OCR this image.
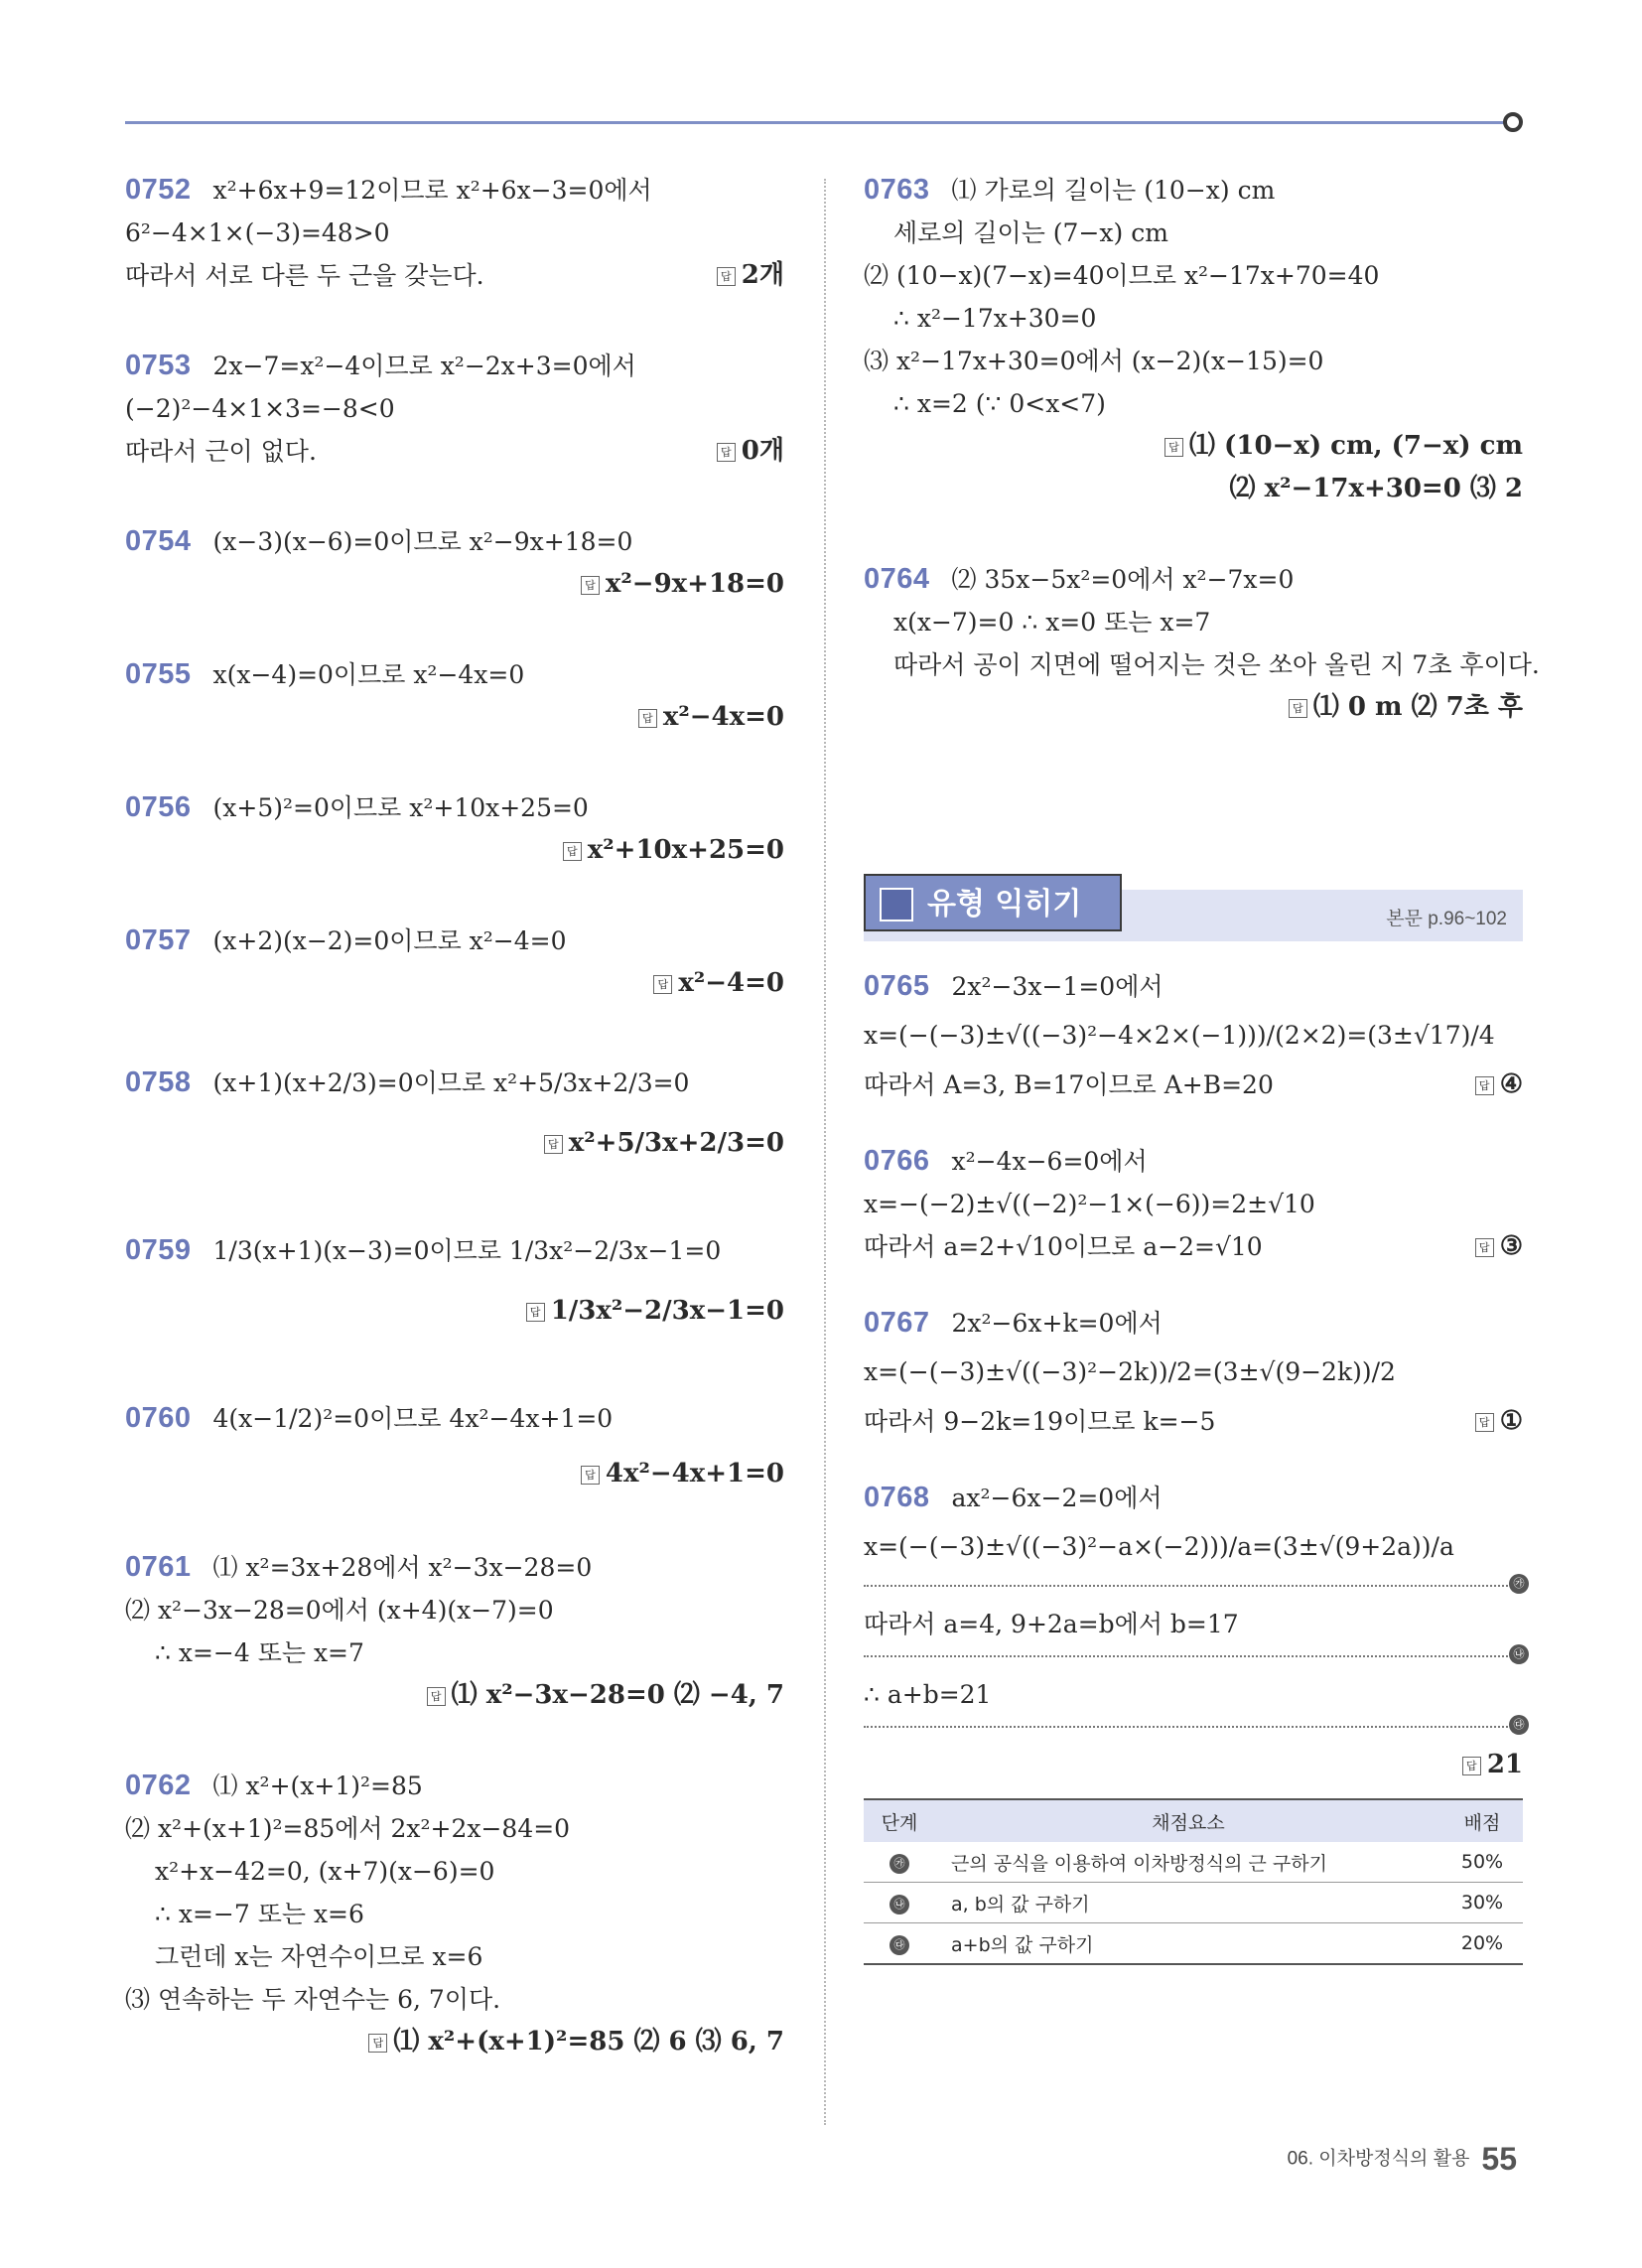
0752 x²+6x+9=12이므로 x²+6x−3=0에서
6²−4×1×(−3)=48>0
따라서 서로 다른 두 근을 갖는다.	답 2개
0753 2x−7=x²−4이므로 x²−2x+3=0에서
(−2)²−4×1×3=−8<0
따라서 근이 없다.	답 0개
0754 (x−3)(x−6)=0이므로 x²−9x+18=0
답 x²−9x+18=0
0755 x(x−4)=0이므로 x²−4x=0
답 x²−4x=0
0756 (x+5)²=0이므로 x²+10x+25=0
답 x²+10x+25=0
0757 (x+2)(x−2)=0이므로 x²−4=0
답 x²−4=0
0758 (x+1)(x+2/3)=0이므로 x²+5/3x+2/3=0
답 x²+5/3x+2/3=0
0759 1/3(x+1)(x−3)=0이므로 1/3x²−2/3x−1=0
답 1/3x²−2/3x−1=0
0760 4(x−1/2)²=0이므로 4x²−4x+1=0
답 4x²−4x+1=0
0761 ⑴ x²=3x+28에서 x²−3x−28=0
⑵ x²−3x−28=0에서 (x+4)(x−7)=0
∴ x=−4 또는 x=7
답 ⑴ x²−3x−28=0 ⑵ −4, 7
0762 ⑴ x²+(x+1)²=85
⑵ x²+(x+1)²=85에서 2x²+2x−84=0
x²+x−42=0, (x+7)(x−6)=0
∴ x=−7 또는 x=6
그런데 x는 자연수이므로 x=6
⑶ 연속하는 두 자연수는 6, 7이다.
답 ⑴ x²+(x+1)²=85 ⑵ 6 ⑶ 6, 7
0763 ⑴ 가로의 길이는 (10−x) cm
세로의 길이는 (7−x) cm
⑵ (10−x)(7−x)=40이므로 x²−17x+70=40
∴ x²−17x+30=0
⑶ x²−17x+30=0에서 (x−2)(x−15)=0
∴ x=2 (∵ 0<x<7)
답 ⑴ (10−x) cm, (7−x) cm
⑵ x²−17x+30=0 ⑶ 2
0764 ⑵ 35x−5x²=0에서 x²−7x=0
x(x−7)=0 ∴ x=0 또는 x=7
따라서 공이 지면에 떨어지는 것은 쏘아 올린 지 7초 후이다.
답 ⑴ 0 m ⑵ 7초 후
유형 익히기	본문 p.96~102
0765 2x²−3x−1=0에서
x=(−(−3)±√((−3)²−4×2×(−1)))/(2×2)=(3±√17)/4
따라서 A=3, B=17이므로 A+B=20	답 ④
0766 x²−4x−6=0에서
x=−(−2)±√((−2)²−1×(−6))=2±√10
따라서 a=2+√10이므로 a−2=√10	답 ③
0767 2x²−6x+k=0에서
x=(−(−3)±√((−3)²−2k))/2=(3±√(9−2k))/2
따라서 9−2k=19이므로 k=−5	답 ①
0768 ax²−6x−2=0에서
x=(−(−3)±√((−3)²−a×(−2)))/a=(3±√(9+2a))/a
㉮
따라서 a=4, 9+2a=b에서 b=17
㉯
∴ a+b=21
㉰
답 21
단계	채점요소	배점
㉮	근의 공식을 이용하여 이차방정식의 근 구하기	50%
㉯	a, b의 값 구하기	30%
㉰	a+b의 값 구하기	20%
06. 이차방정식의 활용 55
